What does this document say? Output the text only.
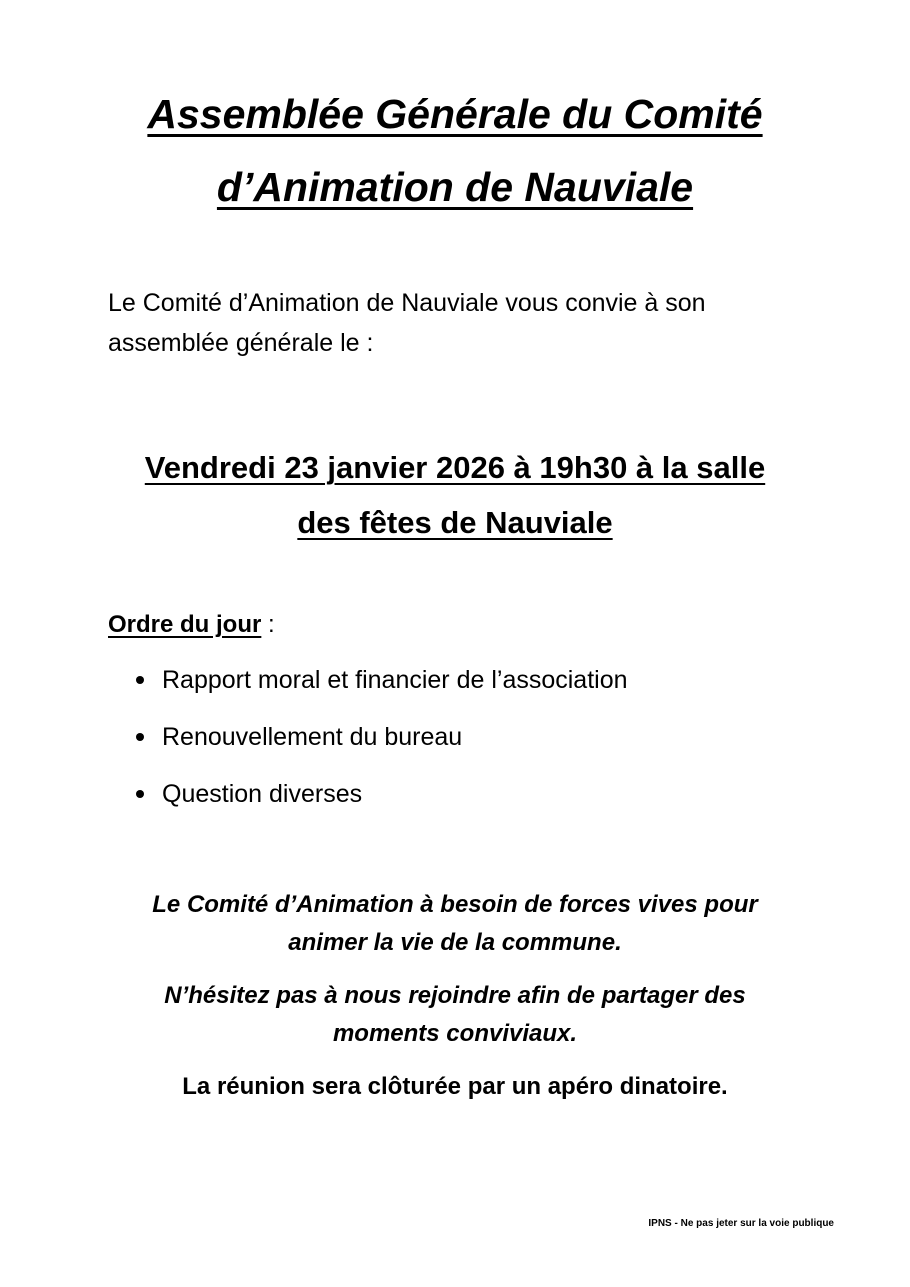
Assemblée Générale du Comité
d’Animation de Nauviale

Le Comité d’Animation de Nauviale vous convie à son
assemblée générale le :

Vendredi 23 janvier 2026 à 19h30 à la salle
des fêtes de Nauviale

Ordre du jour :

Rapport moral et financier de l’association
Renouvellement du bureau
Question diverses

Le Comité d’Animation à besoin de forces vives pour
animer la vie de la commune.

N’hésitez pas à nous rejoindre afin de partager des
moments conviviaux.

La réunion sera clôturée par un apéro dinatoire.

IPNS - Ne pas jeter sur la voie publique
